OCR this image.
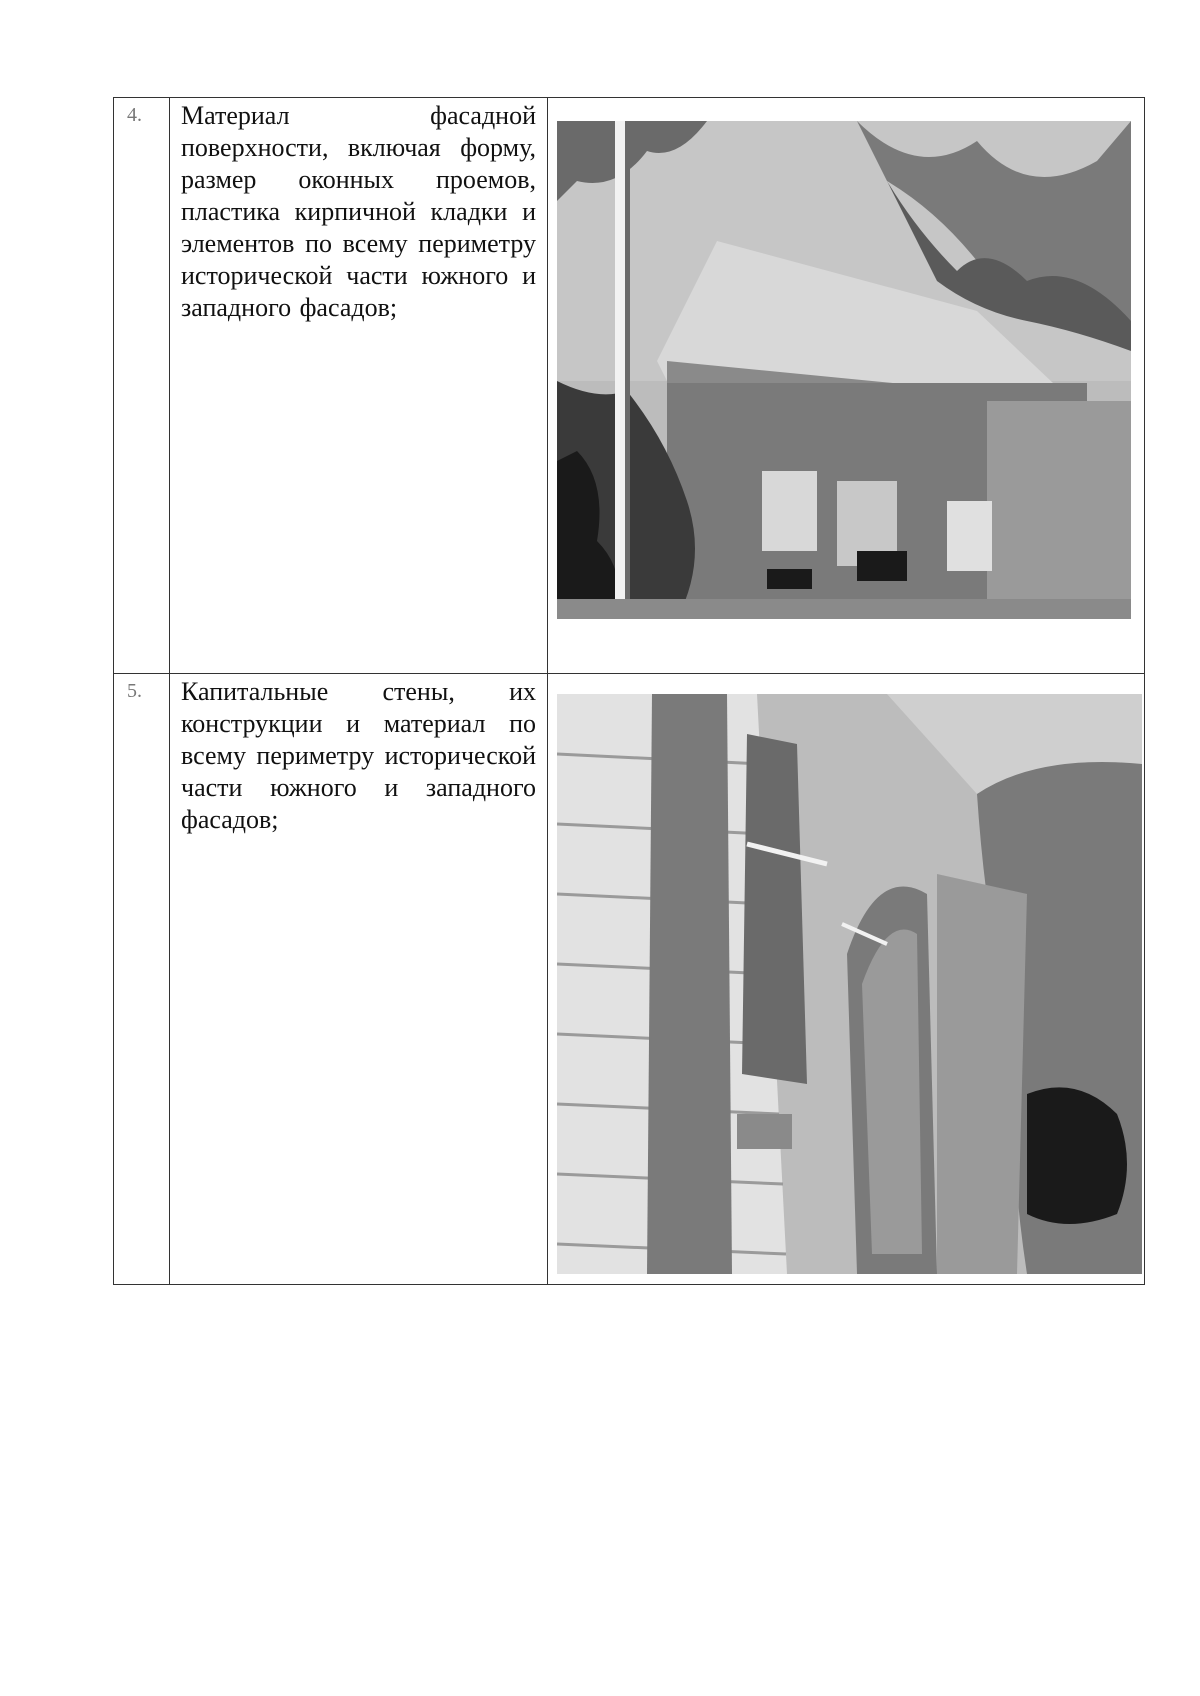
4.	Материал фасадной поверхности, включая форму, размер оконных проемов, пластика кирпичной кладки и элементов по всему периметру исторической части южного и западного фасадов;

5.	Капитальные стены, их конструкции и материал по всему периметру исторической части южного и западного фасадов;
